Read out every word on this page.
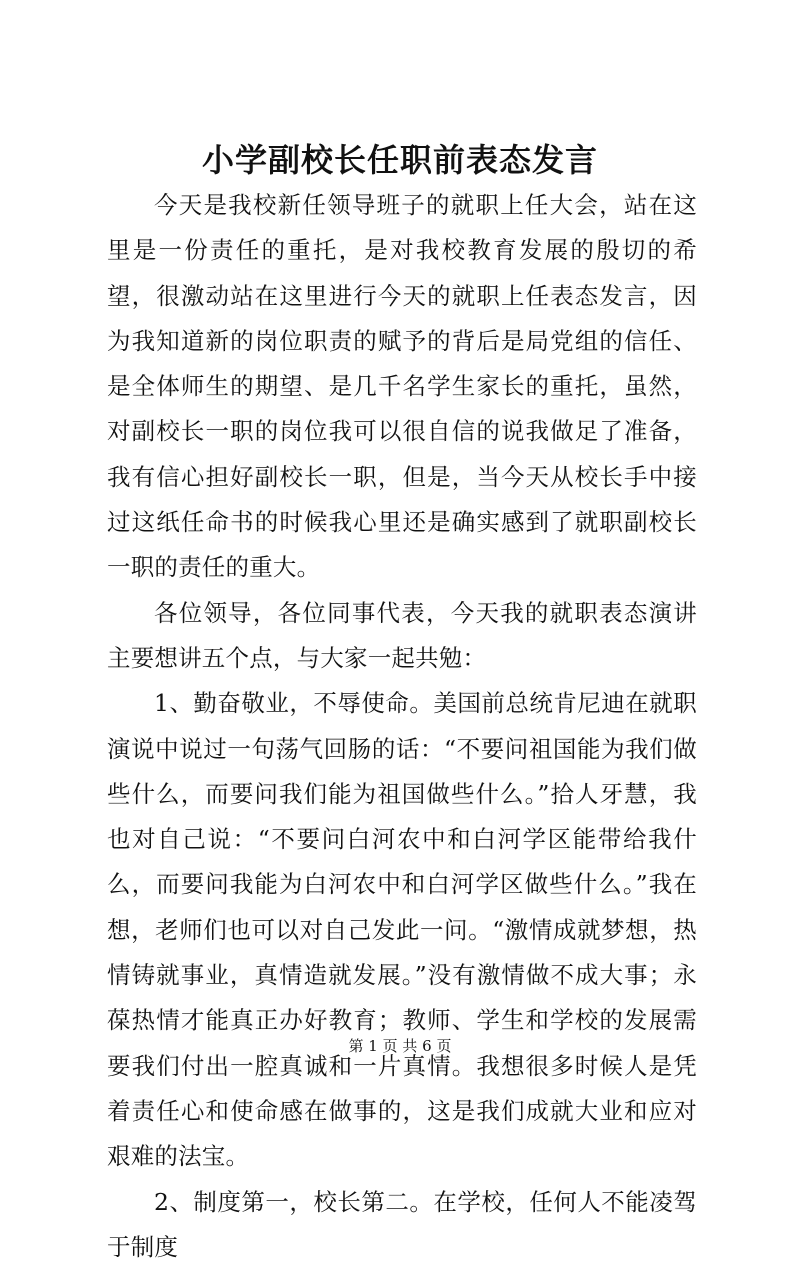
小学副校长任职前表态发言

今天是我校新任领导班子的就职上任大会，站在这里是一份责任的重托，是对我校教育发展的殷切的希望，很激动站在这里进行今天的就职上任表态发言，因为我知道新的岗位职责的赋予的背后是局党组的信任、是全体师生的期望、是几千名学生家长的重托，虽然，对副校长一职的岗位我可以很自信的说我做足了准备，我有信心担好副校长一职，但是，当今天从校长手中接过这纸任命书的时候我心里还是确实感到了就职副校长一职的责任的重大。

各位领导，各位同事代表，今天我的就职表态演讲主要想讲五个点，与大家一起共勉：

1、勤奋敬业，不辱使命。美国前总统肯尼迪在就职演说中说过一句荡气回肠的话：“不要问祖国能为我们做些什么，而要问我们能为祖国做些什么。”拾人牙慧，我也对自己说：“不要问白河农中和白河学区能带给我什么，而要问我能为白河农中和白河学区做些什么。”我在想，老师们也可以对自己发此一问。“激情成就梦想，热情铸就事业，真情造就发展。”没有激情做不成大事；永葆热情才能真正办好教育；教师、学生和学校的发展需要我们付出一腔真诚和一片真情。我想很多时候人是凭着责任心和使命感在做事的，这是我们成就大业和应对艰难的法宝。

2、制度第一，校长第二。在学校，任何人不能凌驾于制度

第 1 页 共 6 页
